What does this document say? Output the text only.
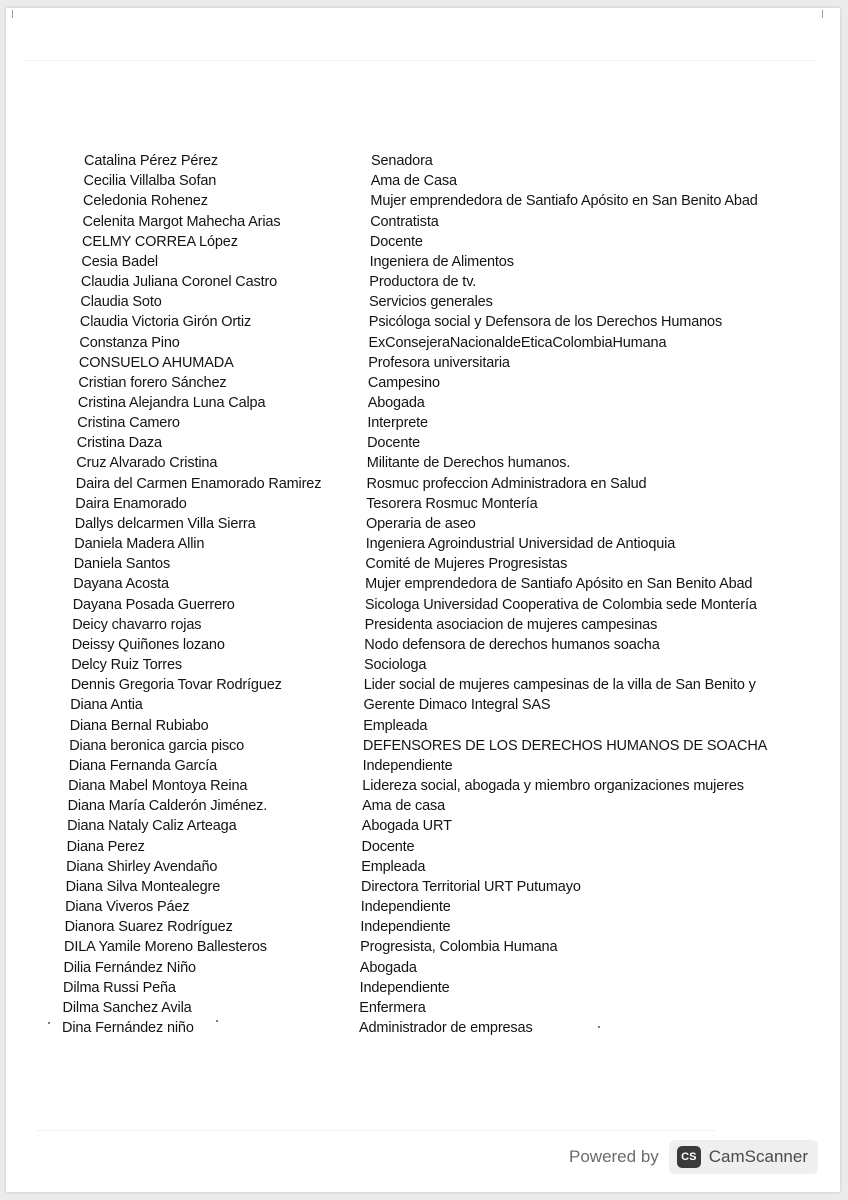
Catalina Pérez Pérez	Senadora
Cecilia Villalba Sofan	Ama de Casa
Celedonia Rohenez	Mujer emprendedora de Santiafo Apósito en San Benito Abad
Celenita Margot Mahecha Arias	Contratista
CELMY CORREA López	Docente
Cesia Badel	Ingeniera de Alimentos
Claudia Juliana Coronel Castro	Productora de tv.
Claudia Soto	Servicios generales
Claudia Victoria Girón Ortiz	Psicóloga social y Defensora de los Derechos Humanos
Constanza Pino	ExConsejeraNacionaldeEticaColombiaHumana
CONSUELO AHUMADA	Profesora universitaria
Cristian forero Sánchez	Campesino
Cristina Alejandra Luna Calpa	Abogada
Cristina Camero	Interprete
Cristina Daza	Docente
Cruz Alvarado Cristina	Militante de Derechos humanos.
Daira del Carmen Enamorado Ramirez	Rosmuc profeccion Administradora en Salud
Daira Enamorado	Tesorera Rosmuc Montería
Dallys delcarmen Villa Sierra	Operaria de aseo
Daniela Madera Allin	Ingeniera Agroindustrial Universidad de Antioquia
Daniela Santos	Comité de Mujeres Progresistas
Dayana Acosta	Mujer emprendedora de Santiafo Apósito en San Benito Abad
Dayana Posada Guerrero	Sicologa Universidad Cooperativa de Colombia sede Montería
Deicy chavarro rojas	Presidenta asociacion de mujeres campesinas
Deissy Quiñones lozano	Nodo defensora de derechos humanos soacha
Delcy Ruiz Torres	Sociologa
Dennis Gregoria Tovar Rodríguez	Lider social de mujeres campesinas de la villa de San Benito y
Diana Antia	Gerente Dimaco Integral SAS
Diana Bernal Rubiabo	Empleada
Diana beronica garcia pisco	DEFENSORES DE LOS DERECHOS HUMANOS DE SOACHA
Diana Fernanda García	Independiente
Diana Mabel Montoya Reina	Lidereza social, abogada y miembro organizaciones mujeres
Diana María Calderón Jiménez.	Ama de casa
Diana Nataly Caliz Arteaga	Abogada URT
Diana Perez	Docente
Diana Shirley Avendaño	Empleada
Diana Silva Montealegre	Directora Territorial URT Putumayo
Diana Viveros Páez	Independiente
Dianora Suarez Rodríguez	Independiente
DILA Yamile Moreno Ballesteros	Progresista, Colombia Humana
Dilia Fernández Niño	Abogada
Dilma Russi Peña	Independiente
Dilma Sanchez Avila	Enfermera
Dina Fernández niño	Administrador de empresas
Powered by	CS CamScanner
